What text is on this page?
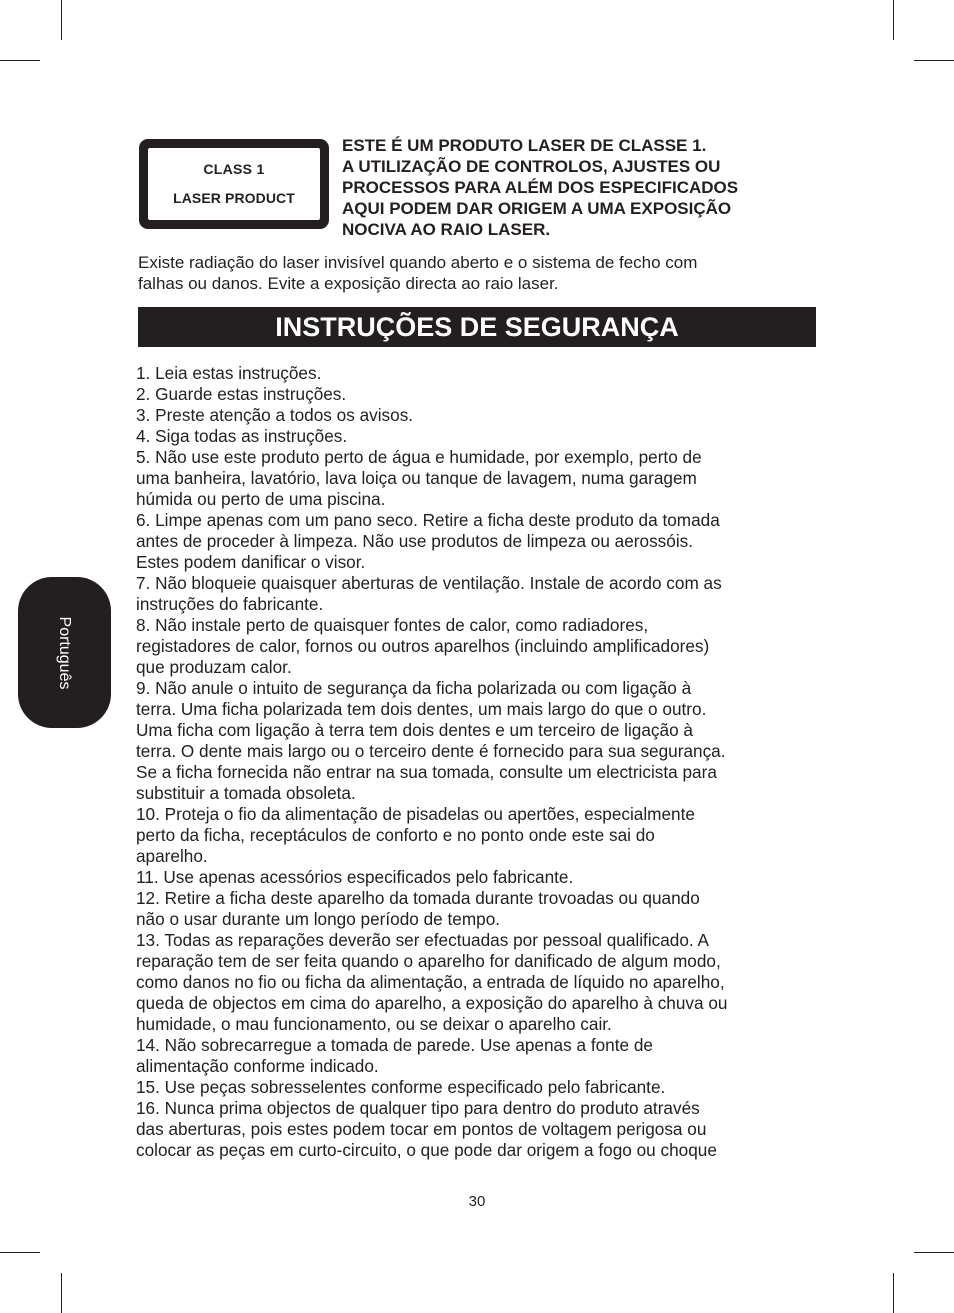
CLASS 1
LASER PRODUCT
ESTE É UM PRODUTO LASER DE CLASSE 1.
A UTILIZAÇÃO DE CONTROLOS, AJUSTES OU
PROCESSOS PARA ALÉM DOS ESPECIFICADOS
AQUI PODEM DAR ORIGEM A UMA EXPOSIÇÃO
NOCIVA AO RAIO LASER.
Existe radiação do laser invisível quando aberto e o sistema de fecho com
falhas ou danos. Evite a exposição directa ao raio laser.
INSTRUÇÕES DE SEGURANÇA
1. Leia estas instruções.
2. Guarde estas instruções.
3. Preste atenção a todos os avisos.
4. Siga todas as instruções.
5. Não use este produto perto de água e humidade, por exemplo, perto de
uma banheira, lavatório, lava loiça ou tanque de lavagem, numa garagem
húmida ou perto de uma piscina.
6. Limpe apenas com um pano seco. Retire a ficha deste produto da tomada
antes de proceder à limpeza. Não use produtos de limpeza ou aerossóis.
Estes podem danificar o visor.
7. Não bloqueie quaisquer aberturas de ventilação. Instale de acordo com as
instruções do fabricante.
8. Não instale perto de quaisquer fontes de calor, como radiadores,
registadores de calor, fornos ou outros aparelhos (incluindo amplificadores)
que produzam calor.
9. Não anule o intuito de segurança da ficha polarizada ou com ligação à
terra. Uma ficha polarizada tem dois dentes, um mais largo do que o outro.
Uma ficha com ligação à terra tem dois dentes e um terceiro de ligação à
terra. O dente mais largo ou o terceiro dente é fornecido para sua segurança.
Se a ficha fornecida não entrar na sua tomada, consulte um electricista para
substituir a tomada obsoleta.
10. Proteja o fio da alimentação de pisadelas ou apertões, especialmente
perto da ficha, receptáculos de conforto e no ponto onde este sai do
aparelho.
11. Use apenas acessórios especificados pelo fabricante.
12. Retire a ficha deste aparelho da tomada durante trovoadas ou quando
não o usar durante um longo período de tempo.
13. Todas as reparações deverão ser efectuadas por pessoal qualificado. A
reparação tem de ser feita quando o aparelho for danificado de algum modo,
como danos no fio ou ficha da alimentação, a entrada de líquido no aparelho,
queda de objectos em cima do aparelho, a exposição do aparelho à chuva ou
humidade, o mau funcionamento, ou se deixar o aparelho cair.
14. Não sobrecarregue a tomada de parede. Use apenas a fonte de
alimentação conforme indicado.
15. Use peças sobresselentes conforme especificado pelo fabricante.
16. Nunca prima objectos de qualquer tipo para dentro do produto através
das aberturas, pois estes podem tocar em pontos de voltagem perigosa ou
colocar as peças em curto-circuito, o que pode dar origem a fogo ou choque
Português
30
